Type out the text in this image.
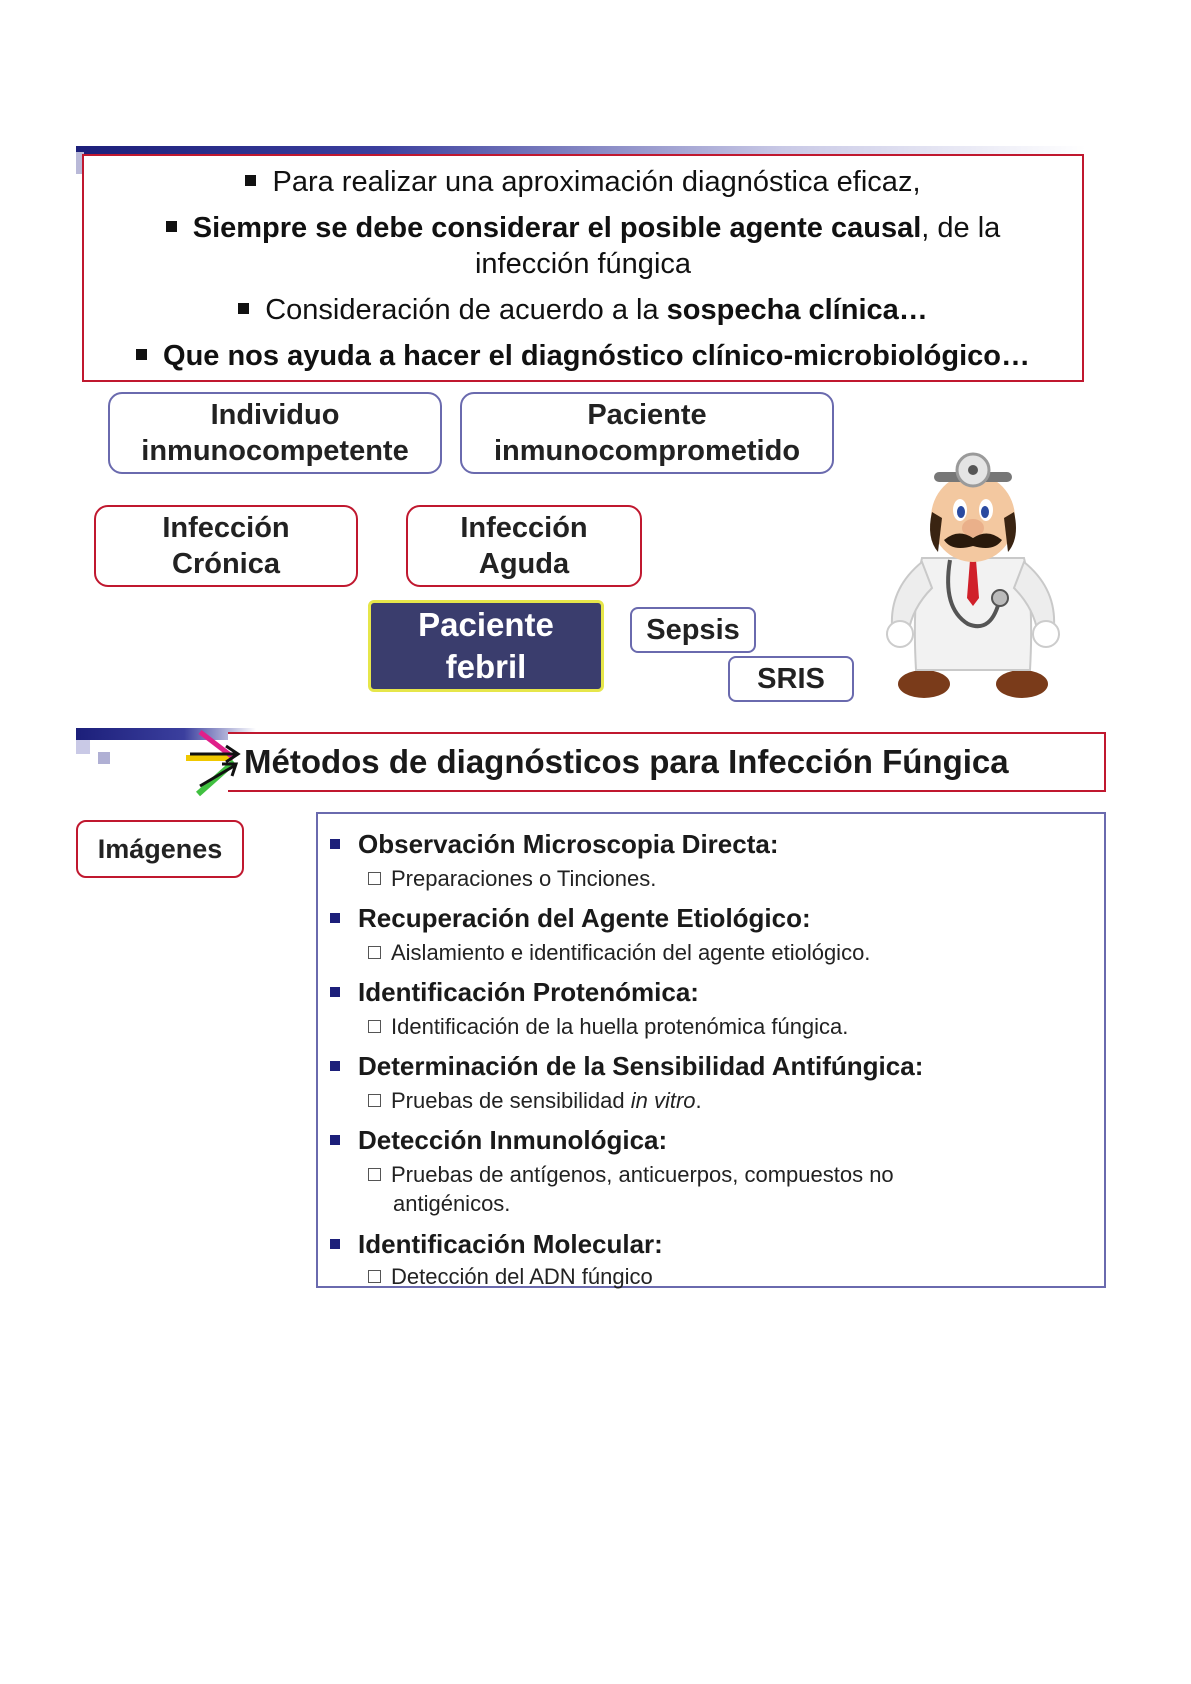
Para realizar una aproximación diagnóstica eficaz,
Siempre se debe considerar el posible agente causal, de la
infección fúngica
Consideración de acuerdo a la sospecha clínica…
Que nos ayuda a hacer el diagnóstico clínico-microbiológico…
Individuo
inmunocompetente
Paciente
inmunocomprometido
Infección
Crónica
Infección
Aguda
Paciente
febril
Sepsis
SRIS
Métodos de diagnósticos para Infección Fúngica
Imágenes	Observación Microscopia Directa:
Preparaciones o Tinciones.
Recuperación del Agente Etiológico:
Aislamiento e identificación del agente etiológico.
Identificación Protenómica:
Identificación de la huella protenómica fúngica.
Determinación de la Sensibilidad Antifúngica:
Pruebas de sensibilidad in vitro.
Detección Inmunológica:
Pruebas de antígenos, anticuerpos, compuestos no
antigénicos.
Identificación Molecular:
Detección del ADN fúngico
